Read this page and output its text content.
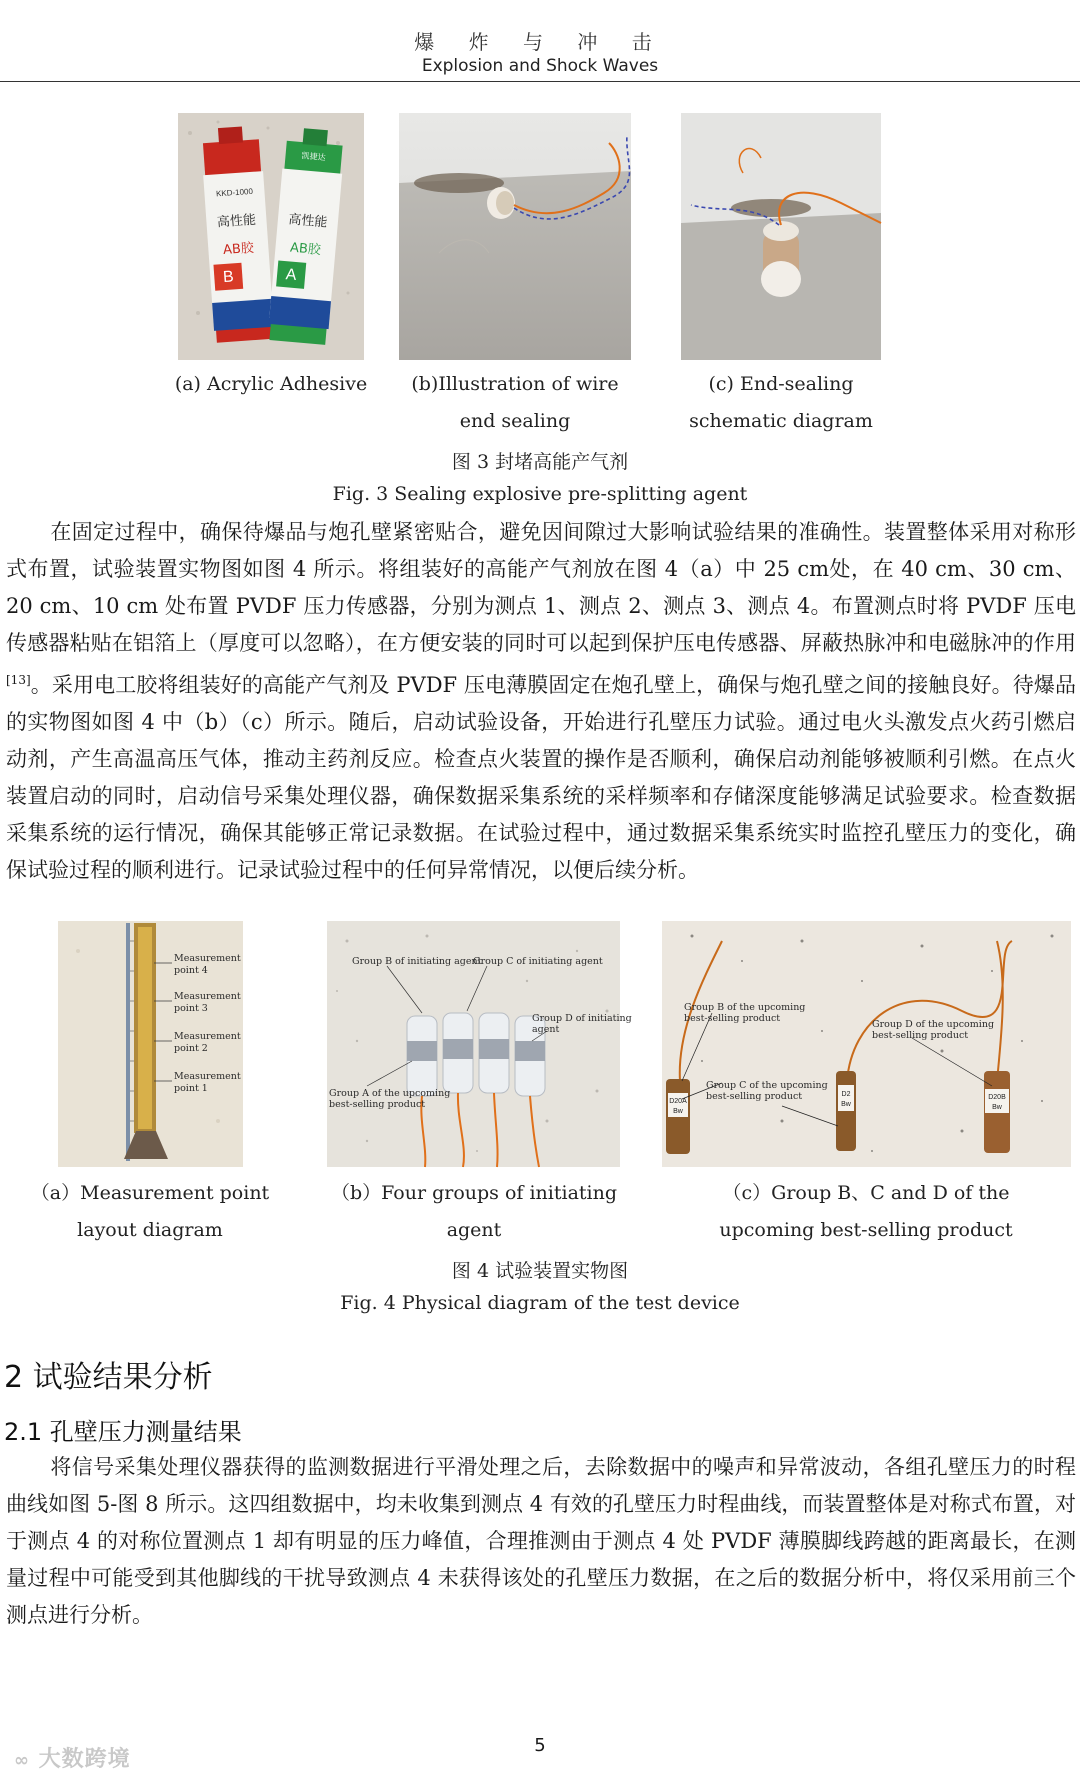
爆 炸 与 冲 击
Explosion and Shock Waves
B
KKD-1000
高性能
AB胶
A
凯捷达
高性能
AB胶
(a) Acrylic Adhesive	(b)Illustration of wire end sealing
(c) End-sealing schematic diagram
图 3 封堵高能产气剂
Fig. 3 Sealing explosive pre-splitting agent

在固定过程中，确保待爆品与炮孔壁紧密贴合，避免因间隙过大影响试验结果的准确性。装置整体采用对称形式布置，试验装置实物图如图 4 所示。将组装好的高能产气剂放在图 4（a）中 25 cm处，在 40 cm、30 cm、20 cm、10 cm 处布置 PVDF 压力传感器，分别为测点 1、测点 2、测点 3、测点 4。布置测点时将 PVDF 压电传感器粘贴在铝箔上（厚度可以忽略），在方便安装的同时可以起到保护压电传感器、屏蔽热脉冲和电磁脉冲的作用[13]。采用电工胶将组装好的高能产气剂及 PVDF 压电薄膜固定在炮孔壁上，确保与炮孔壁之间的接触良好。待爆品的实物图如图 4 中（b）（c）所示。随后，启动试验设备，开始进行孔壁压力试验。通过电火头激发点火药引燃启动剂，产生高温高压气体，推动主药剂反应。检查点火装置的操作是否顺利，确保启动剂能够被顺利引燃。在点火装置启动的同时，启动信号采集处理仪器，确保数据采集系统的采样频率和存储深度能够满足试验要求。检查数据采集系统的运行情况，确保其能够正常记录数据。在试验过程中，通过数据采集系统实时监控孔壁压力的变化，确保试验过程的顺利进行。记录试验过程中的任何异常情况，以便后续分析。

Measurement
point 4
Measurement
point 3
Measurement
point 2
Measurement
point 1
Group B of initiating agent
Group C of initiating agent
Group D of initiating
agent
Group A of the upcoming
best-selling product	D20A
Bw
D2
Bw
D20B
Bw
Group B of the upcoming
best-selling product
Group D of the upcoming
best-selling product
Group C of the upcoming
best-selling product
（a）Measurement point layout diagram
（b）Four groups of initiating agent
（c）Group B、C and D of the upcoming best-selling product
图 4 试验装置实物图
Fig. 4 Physical diagram of the test device
2 试验结果分析
2.1 孔壁压力测量结果

将信号采集处理仪器获得的监测数据进行平滑处理之后，去除数据中的噪声和异常波动，各组孔壁压力的时程曲线如图 5-图 8 所示。这四组数据中，均未收集到测点 4 有效的孔壁压力时程曲线，而装置整体是对称式布置，对于测点 4 的对称位置测点 1 却有明显的压力峰值，合理推测由于测点 4 处 PVDF 薄膜脚线跨越的距离最长，在测量过程中可能受到其他脚线的干扰导致测点 4 未获得该处的孔壁压力数据，在之后的数据分析中，将仅采用前三个测点进行分析。

5
∞ 大数跨境
